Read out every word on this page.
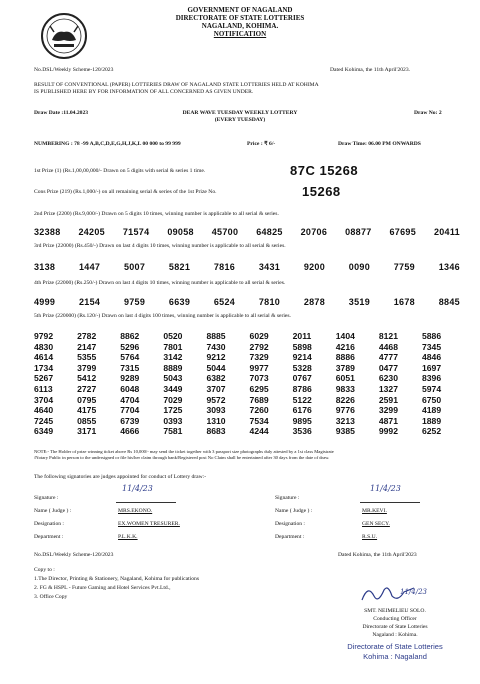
GOVERNMENT OF NAGALAND
DIRECTORATE OF STATE LOTTERIES
NAGALAND, KOHIMA.
NOTIFICATION
No.DSL/Weekly Scheme-120/2023	Dated Kohima, the 11th April'2023.
RESULT OF CONVENTIONAL (PAPER) LOTTERIES DRAW OF NAGALAND STATE LOTTERIES HELD AT KOHIMA
IS PUBLISHED HERE BY FOR INFORMATION OF ALL CONCERNED AS GIVEN UNDER.
Draw Date :11.04.2023	DEAR WAVE TUESDAY WEEKLY LOTTERY
(EVERY TUESDAY)
Draw No: 2
NUMBERING : 78 -99 A,B,C,D,E,G,H,J,K,L 00 000 to 99 999	Price : ₹ 6/-	Draw Time: 06.00 PM ONWARDS
1st Prize (1) (Rs.1,00,00,000/- Drawn on 5 digits with serial & series 1 time.	87C 15268
Cons Prize (219) (Rs.1,000/-) on all remaining serial & series of the 1st Prize No.	15268
2nd Prize (2200) (Rs.9,000/-) Drawn on 5 digits 10 times, winning number is applicable to all serial & series.
32388 24205 71574 09058 45700 64825 20706 08877 67695 20411
3rd Prize (22000) (Rs.450/-) Drawn on last 4 digits 10 times, winning number is applicable to all serial & series.
3138	1447	5007	5821	7816	3431	9200	0090	7759	1346
4th Prize (22000) (Rs.250/-) Drawn on last 4 digits 10 times, winning number is applicable to all serial & series.
4999	2154	9759	6639	6524	7810	2878	3519	1678	8845
5th Prize (220000) (Rs.120/-) Drawn on last 4 digits 100 times, winning number is applicable to all serial & series.
9792	2782	8862	0520	8885	6029	2011	1404	8121	5886
4830	2147	5296	7801	7430	2792	5898	4216	4468	7345
4614	5355	5764	3142	9212	7329	9214	8886	4777	4846
1734	3799	7315	8889	5044	9977	5328	3789	0477	1697
5267	5412	9289	5043	6382	7073	0767	6051	6230	8396
6113	2727	6048	3449	3707	6295	8786	9833	1327	5974
3704	0795	4704	7029	9572	7689	5122	8226	2591	6750
4640	4175	7704	1725	3093	7260	6176	9776	3299	4189
7245	0855	6739	0393	1310	7534	9895	3213	4871	1889
6349	3171	4666	7581	8683	4244	3536	9385	9992	6252
NOTE:- The Holder of prize winning ticket above Rs 10,000/- may send the ticket together with 3 passport size photographs duly attested by a 1st class Magistrate
/Notary Public in person to the undersigned or file his/her claim through bank/Registered post No Claim shall be entertained after 30 days from the date of draw.
The following signatories are judges appointed for conduct of Lottery draw:-
Signature :
11/4/23
Name ( Judge ) :	MRS.EKONO.
Designation :	EX.WOMEN TRESURER.
Department :	P.L.K.K.
Signature :
11/4/23
Name ( Judge ) :	MR.KEVI.
Designation :	GEN SECY.
Department :	R.S.U.
No.DSL/Weekly Scheme-120/2023	Dated Kohima, the 11th April'2023
Copy to :
1.The Director, Printing & Stationery, Nagaland, Kohima for publications
2. FG & HSPL - Future Gaming and Hotel Services Pvt.Ltd.,
3. Office Copy
11/4/23
SMT. NEIMELIEU SOLO.
Conducting Officer
Directorate of State Lotteries
Nagaland : Kohima.
Directorate of State Lotteries
Kohima : Nagaland
